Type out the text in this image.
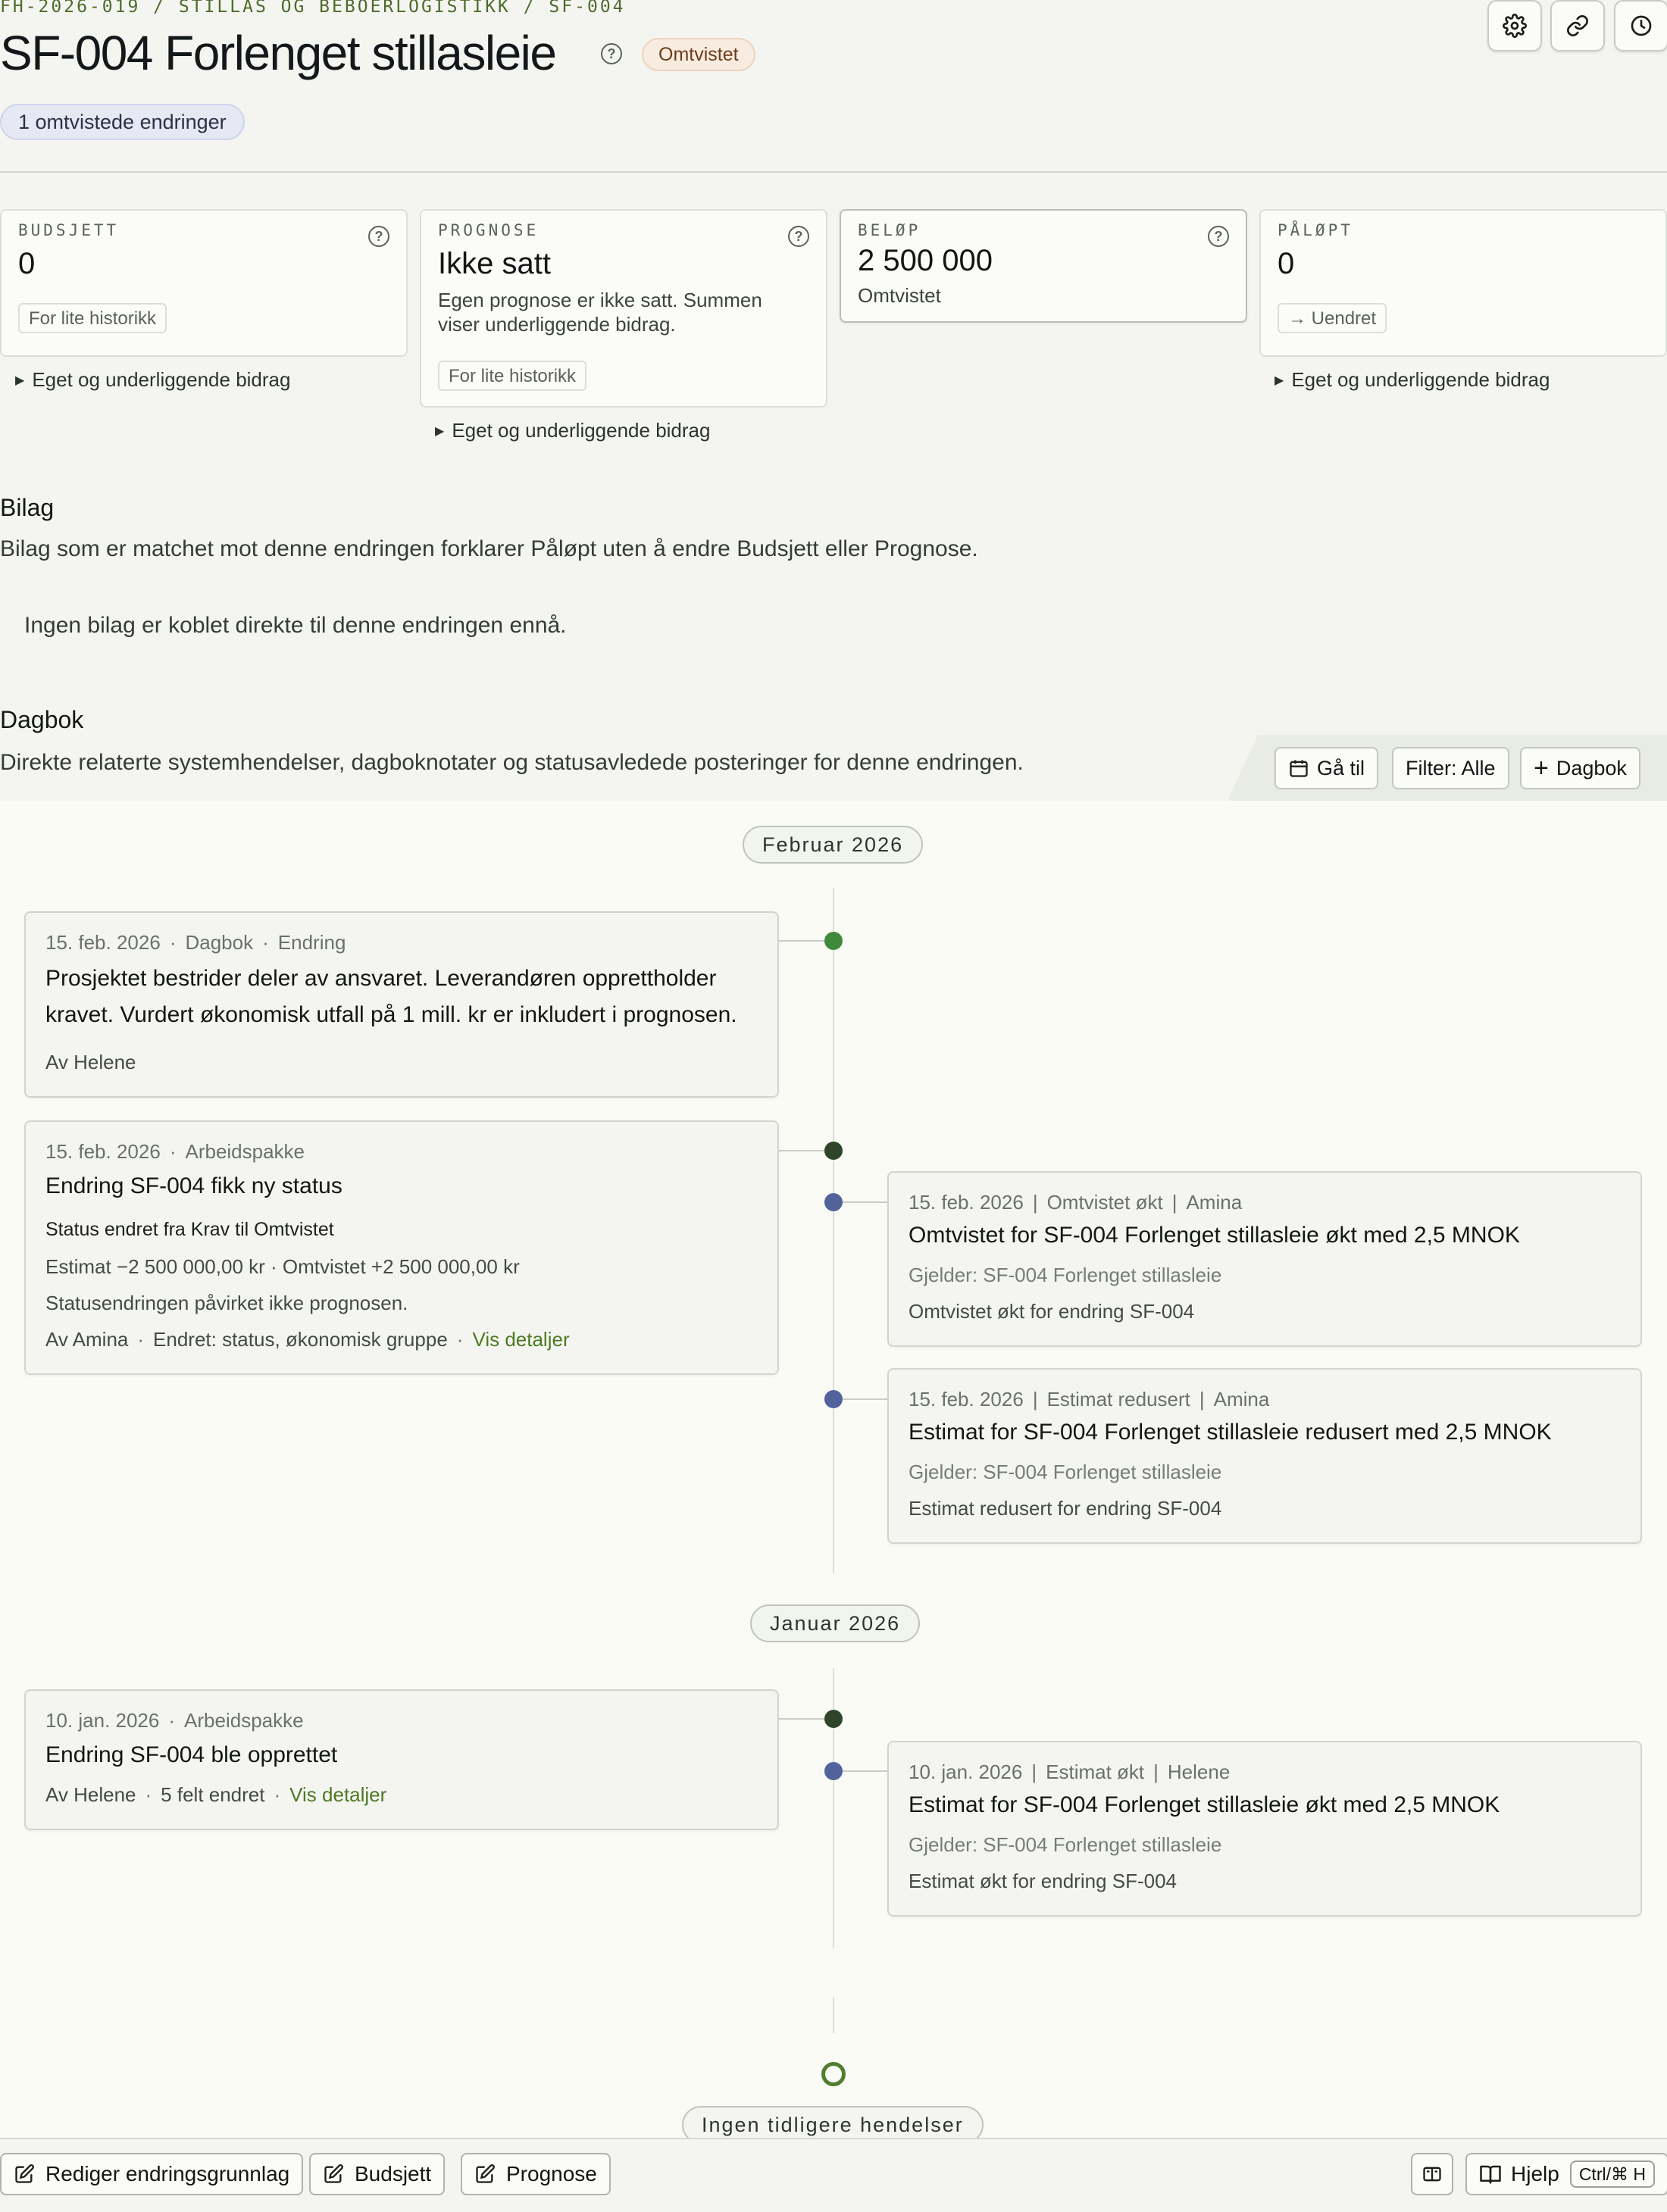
FH-2026-019 / STILLAS OG BEBOERLOGISTIKK / SF-004
SF-004 Forlenget stillasleie	?	Omtvistet
1 omtvistede endringer
BUDSJETT	?
0
For lite historikk
▶ Eget og underliggende bidrag
PROGNOSE	?
Ikke satt
Egen prognose er ikke satt. Summen viser underliggende bidrag.
For lite historikk
▶ Eget og underliggende bidrag
BELØP	?
2 500 000
Omtvistet
PÅLØPT
0
→ Uendret
▶ Eget og underliggende bidrag
Bilag
Bilag som er matchet mot denne endringen forklarer Påløpt uten å endre Budsjett eller Prognose.
Ingen bilag er koblet direkte til denne endringen ennå.
Dagbok
Direkte relaterte systemhendelser, dagboknotater og statusavledede posteringer for denne endringen.	Gå til	Filter: Alle	+ Dagbok
Februar 2026
15. feb. 2026 · Dagbok · Endring
Prosjektet bestrider deler av ansvaret. Leverandøren opprettholder
kravet. Vurdert økonomisk utfall på 1 mill. kr er inkludert i prognosen.
Av Helene
15. feb. 2026 · Arbeidspakke
Endring SF-004 fikk ny status
Status endret fra Krav til Omtvistet
Estimat −2 500 000,00 kr · Omtvistet +2 500 000,00 kr
Statusendringen påvirket ikke prognosen.
Av Amina · Endret: status, økonomisk gruppe · Vis detaljer
15. feb. 2026 | Omtvistet økt | Amina
Omtvistet for SF-004 Forlenget stillasleie økt med 2,5 MNOK
Gjelder: SF-004 Forlenget stillasleie
Omtvistet økt for endring SF-004
15. feb. 2026 | Estimat redusert | Amina
Estimat for SF-004 Forlenget stillasleie redusert med 2,5 MNOK
Gjelder: SF-004 Forlenget stillasleie
Estimat redusert for endring SF-004
Januar 2026
10. jan. 2026 · Arbeidspakke
Endring SF-004 ble opprettet
Av Helene · 5 felt endret · Vis detaljer
10. jan. 2026 | Estimat økt | Helene
Estimat for SF-004 Forlenget stillasleie økt med 2,5 MNOK
Gjelder: SF-004 Forlenget stillasleie
Estimat økt for endring SF-004
Ingen tidligere hendelser
Rediger endringsgrunnlag	Budsjett	Prognose	Hjelp	Ctrl/⌘ H
